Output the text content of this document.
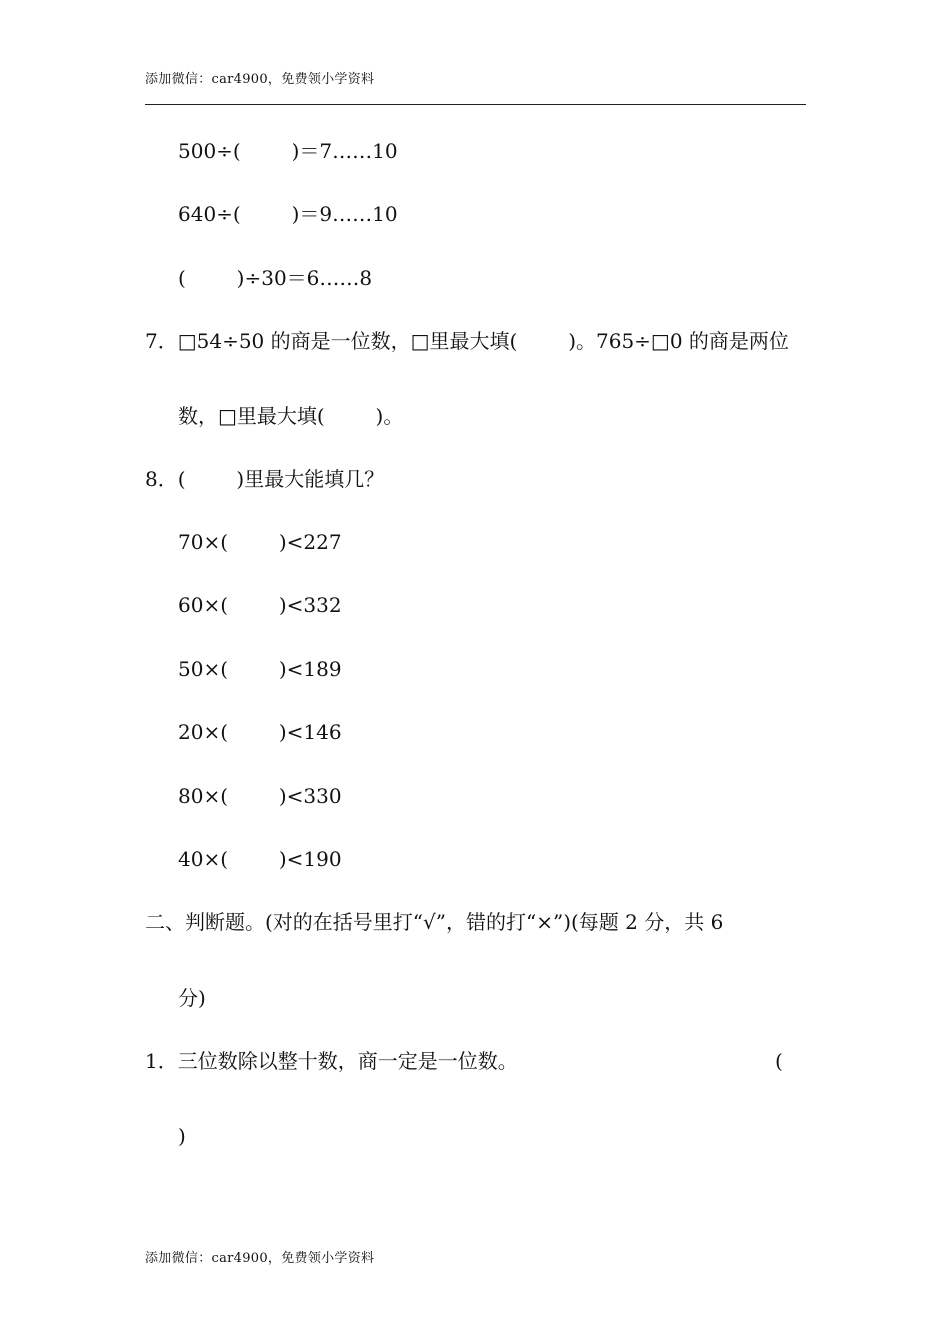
添加微信：car4900，免费领小学资料
500÷(        )＝7……10
640÷(        )＝9……10
(        )÷30＝6……8
7．□54÷50 的商是一位数，□里最大填(        )。765÷□0 的商是两位
数，□里最大填(        )。
8．(        )里最大能填几？
70×(        )<227
60×(        )<332
50×(        )<189
20×(        )<146
80×(        )<330
40×(        )<190
二、判断题。(对的在括号里打“√”，错的打“×”)(每题 2 分，共 6
分)
1．三位数除以整十数，商一定是一位数。	(
)
添加微信：car4900，免费领小学资料
